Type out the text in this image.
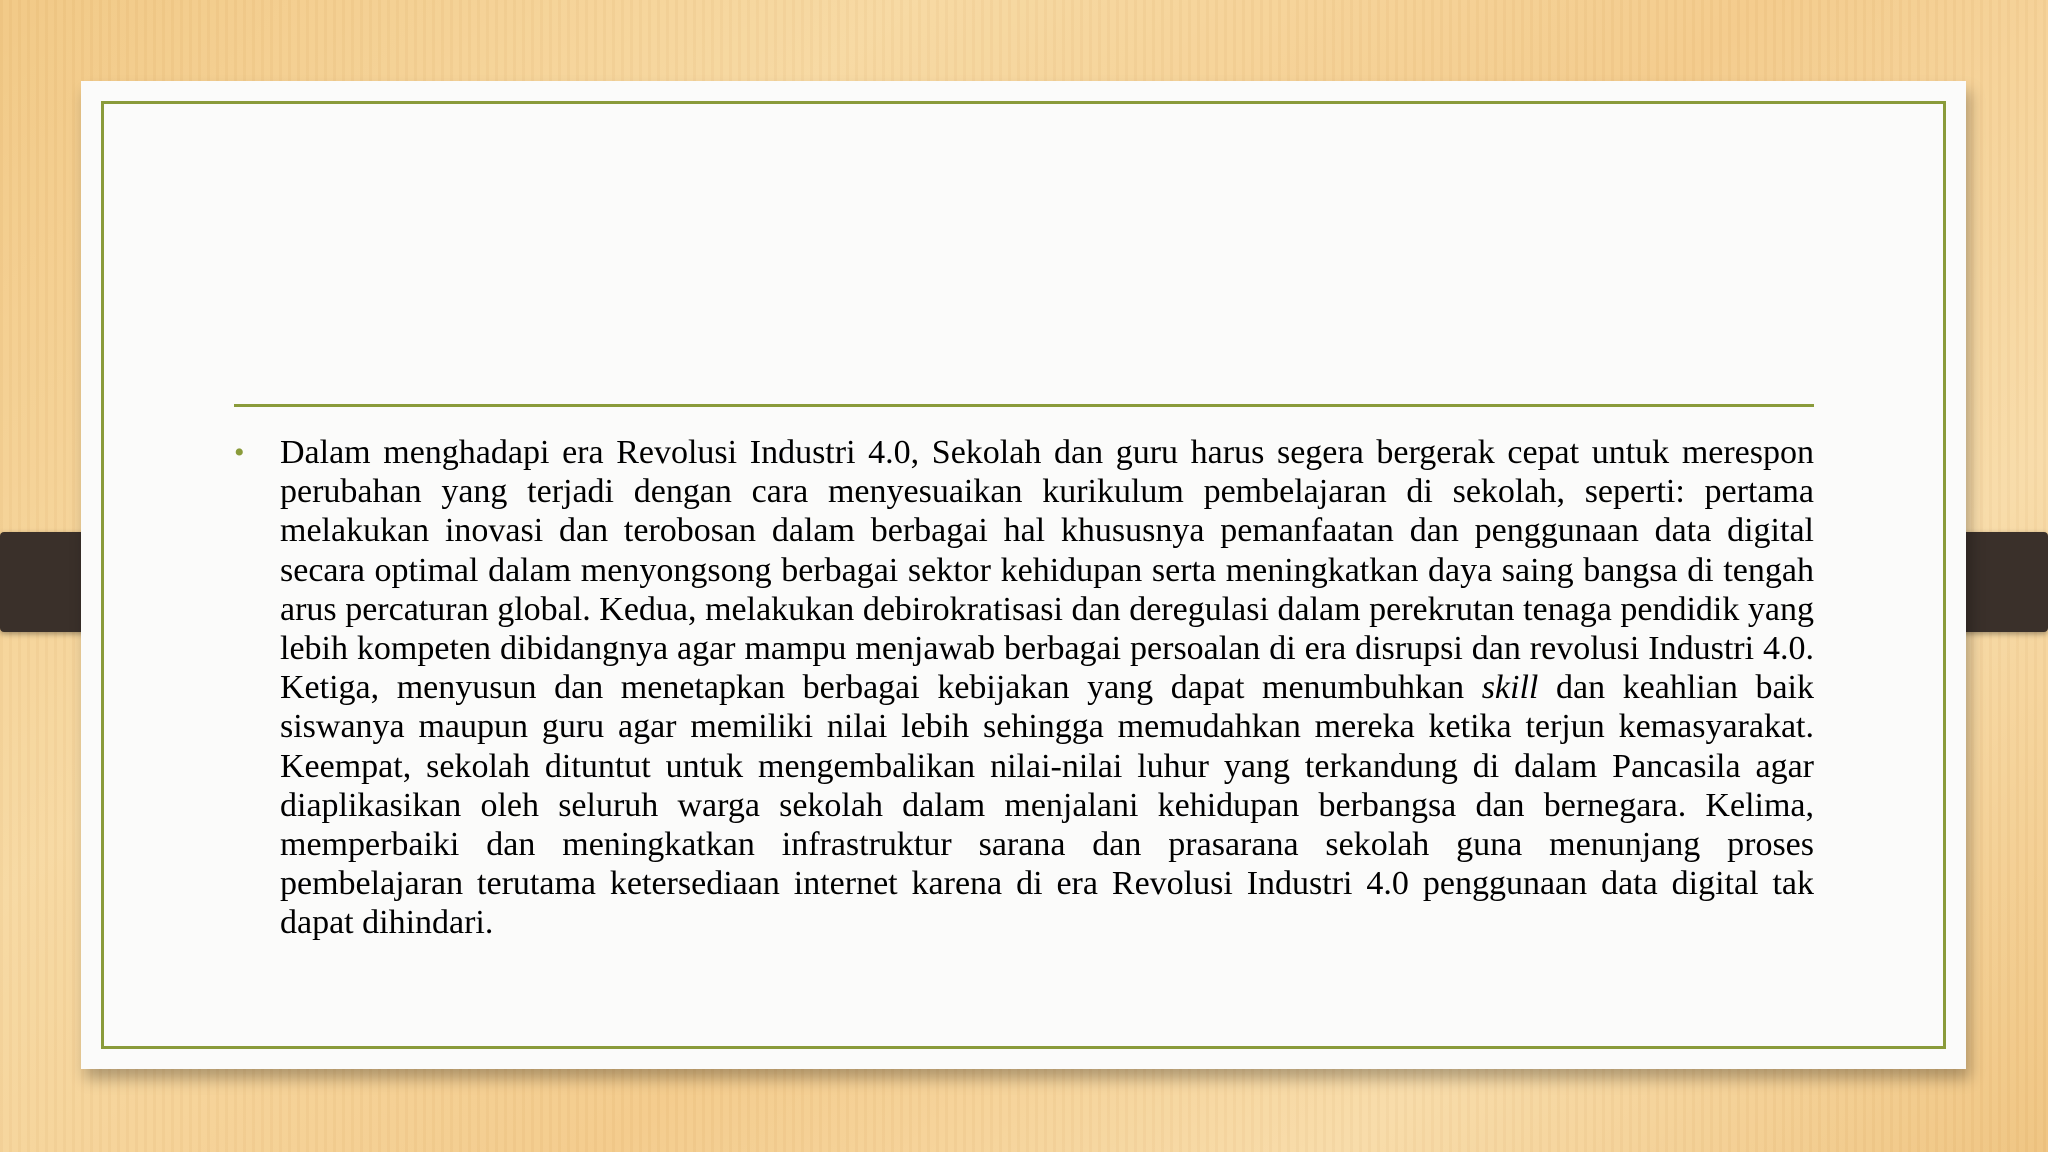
•	Dalam menghadapi era Revolusi Industri 4.0, Sekolah dan guru harus segera bergerak cepat untuk merespon perubahan yang terjadi dengan cara menyesuaikan kurikulum pembelajaran di sekolah, seperti: pertama melakukan inovasi dan terobosan dalam berbagai hal khususnya pemanfaatan dan penggunaan data digital secara optimal dalam menyongsong berbagai sektor kehidupan serta meningkatkan daya saing bangsa di tengah arus percaturan global. Kedua, melakukan debirokratisasi dan deregulasi dalam perekrutan tenaga pendidik yang lebih kompeten dibidangnya agar mampu menjawab berbagai persoalan di era disrupsi dan revolusi Industri 4.0. Ketiga, menyusun dan menetapkan berbagai kebijakan yang dapat menumbuhkan skill dan keahlian baik siswanya maupun guru agar memiliki nilai lebih sehingga memudahkan mereka ketika terjun kemasyarakat. Keempat, sekolah dituntut untuk mengembalikan nilai-nilai luhur yang terkandung di dalam Pancasila agar diaplikasikan oleh seluruh warga sekolah dalam menjalani kehidupan berbangsa dan bernegara. Kelima, memperbaiki dan meningkatkan infrastruktur sarana dan prasarana sekolah guna menunjang proses pembelajaran terutama ketersediaan internet karena di era Revolusi Industri 4.0 penggunaan data digital tak dapat dihindari.
